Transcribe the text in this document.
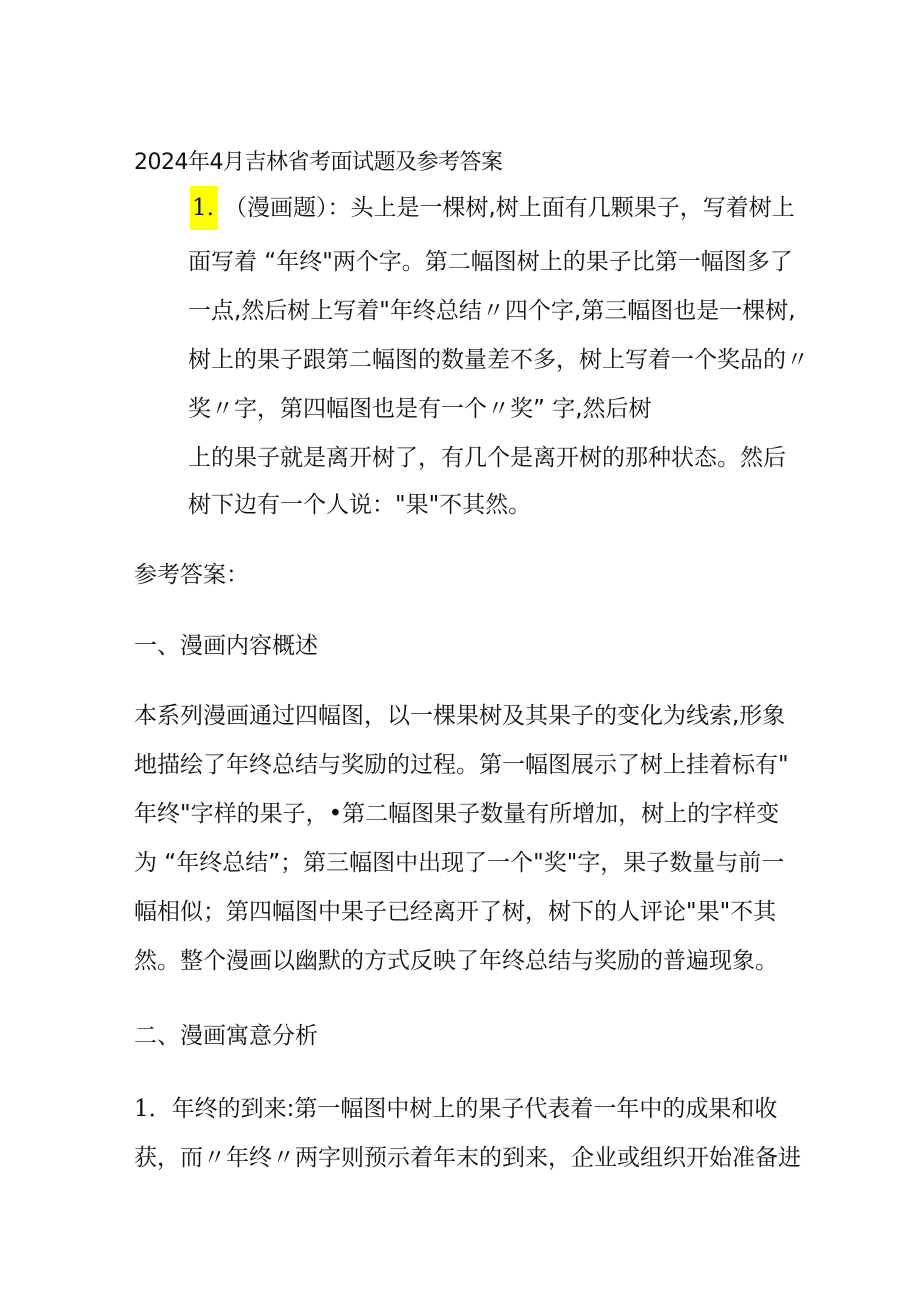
2024年4月吉林省考面试题及参考答案
1. （漫画题）：头上是一棵树,树上面有几颗果子，写着树上
面写着 “年终"两个字。第二幅图树上的果子比第一幅图多了
一点,然后树上写着"年终总结〃四个字,第三幅图也是一棵树,
树上的果子跟第二幅图的数量差不多，树上写着一个奖品的〃
奖〃字，第四幅图也是有一个〃奖” 字,然后树
上的果子就是离开树了，有几个是离开树的那种状态。然后
树下边有一个人说："果"不其然。
参考答案：
一、漫画内容概述
本系列漫画通过四幅图，以一棵果树及其果子的变化为线索,形象
地描绘了年终总结与奖励的过程。第一幅图展示了树上挂着标有"
年终"字样的果子，•第二幅图果子数量有所增加，树上的字样变
为 “年终总结”；第三幅图中出现了一个"奖"字，果子数量与前一
幅相似；第四幅图中果子已经离开了树，树下的人评论"果"不其
然。整个漫画以幽默的方式反映了年终总结与奖励的普遍现象。
二、漫画寓意分析
1．年终的到来:第一幅图中树上的果子代表着一年中的成果和收
获，而〃年终〃两字则预示着年末的到来，企业或组织开始准备进
